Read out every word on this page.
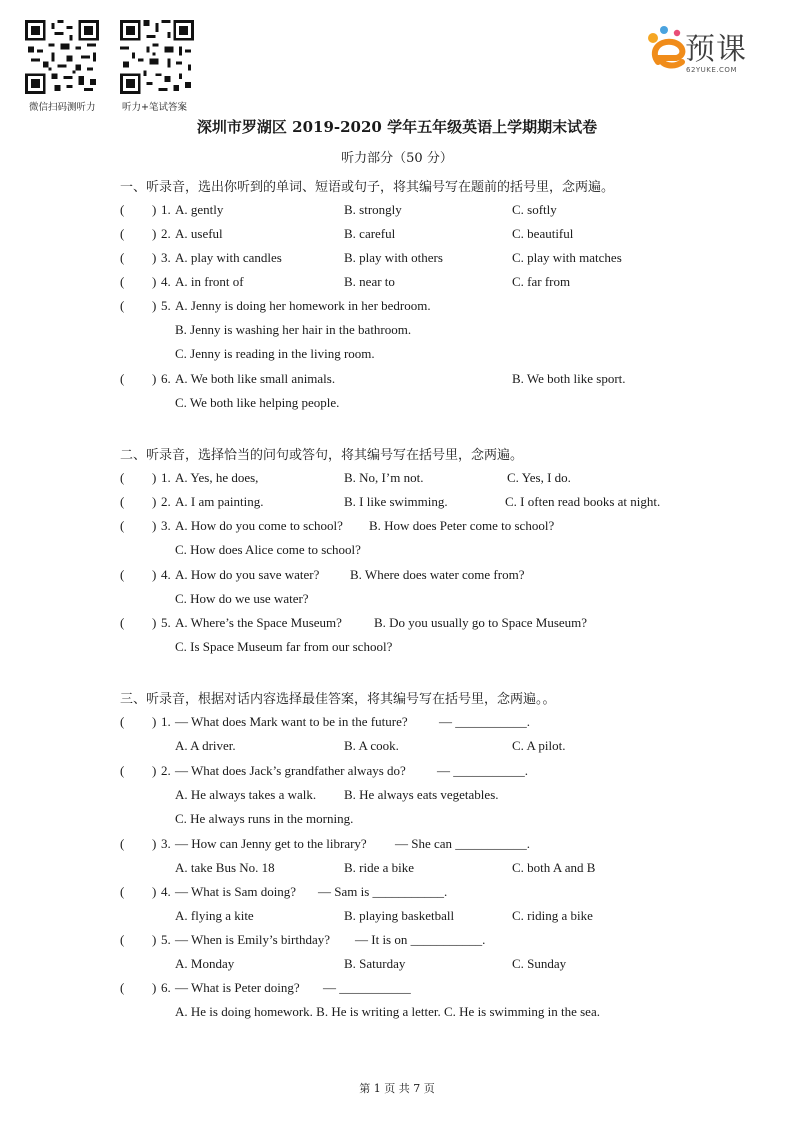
微信扫码测听力	听力+笔试答案
预课
62YUKE.COM
深圳市罗湖区 2019-2020 学年五年级英语上学期期末试卷
听力部分（50 分）
一、听录音，选出你听到的单词、短语或句子，将其编号写在题前的括号里，念两遍。
( ) 1. A. gently	B. strongly	C. softly
( ) 2. A. useful	B. careful	C. beautiful
( ) 3. A. play with candles	B. play with others	C. play with matches
( ) 4. A. in front of	B. near to	C. far from
( ) 5. A. Jenny is doing her homework in her bedroom.
B. Jenny is washing her hair in the bathroom.
C. Jenny is reading in the living room.
( ) 6. A. We both like small animals.	B. We both like sport.
C. We both like helping people.
二、听录音，选择恰当的问句或答句，将其编号写在括号里，念两遍。
( ) 1. A. Yes, he does,	B. No, I’m not.	C. Yes, I do.
( ) 2. A. I am painting.	B. I like swimming.	C. I often read books at night.
( ) 3. A. How do you come to school? B. How does Peter come to school?
C. How does Alice come to school?
( ) 4. A. How do you save water? B. Where does water come from?
C. How do we use water?
( ) 5. A. Where’s the Space Museum? B. Do you usually go to Space Museum?
C. Is Space Museum far from our school?
三、听录音，根据对话内容选择最佳答案，将其编号写在括号里，念两遍。。
( ) 1. — What does Mark want to be in the future? — ___________.
A. A driver.	B. A cook.	C. A pilot.
( ) 2. — What does Jack’s grandfather always do? — ___________.
A. He always takes a walk. B. He always eats vegetables.
C. He always runs in the morning.
( ) 3. — How can Jenny get to the library? — She can ___________.
A. take Bus No. 18	B. ride a bike	C. both A and B
( ) 4. — What is Sam doing? — Sam is ___________.
A. flying a kite	B. playing basketball	C. riding a bike
( ) 5. — When is Emily’s birthday? — It is on ___________.
A. Monday	B. Saturday	C. Sunday
( ) 6. — What is Peter doing? — ___________
A. He is doing homework. B. He is writing a letter. C. He is swimming in the sea.
第 1 页 共 7 页
